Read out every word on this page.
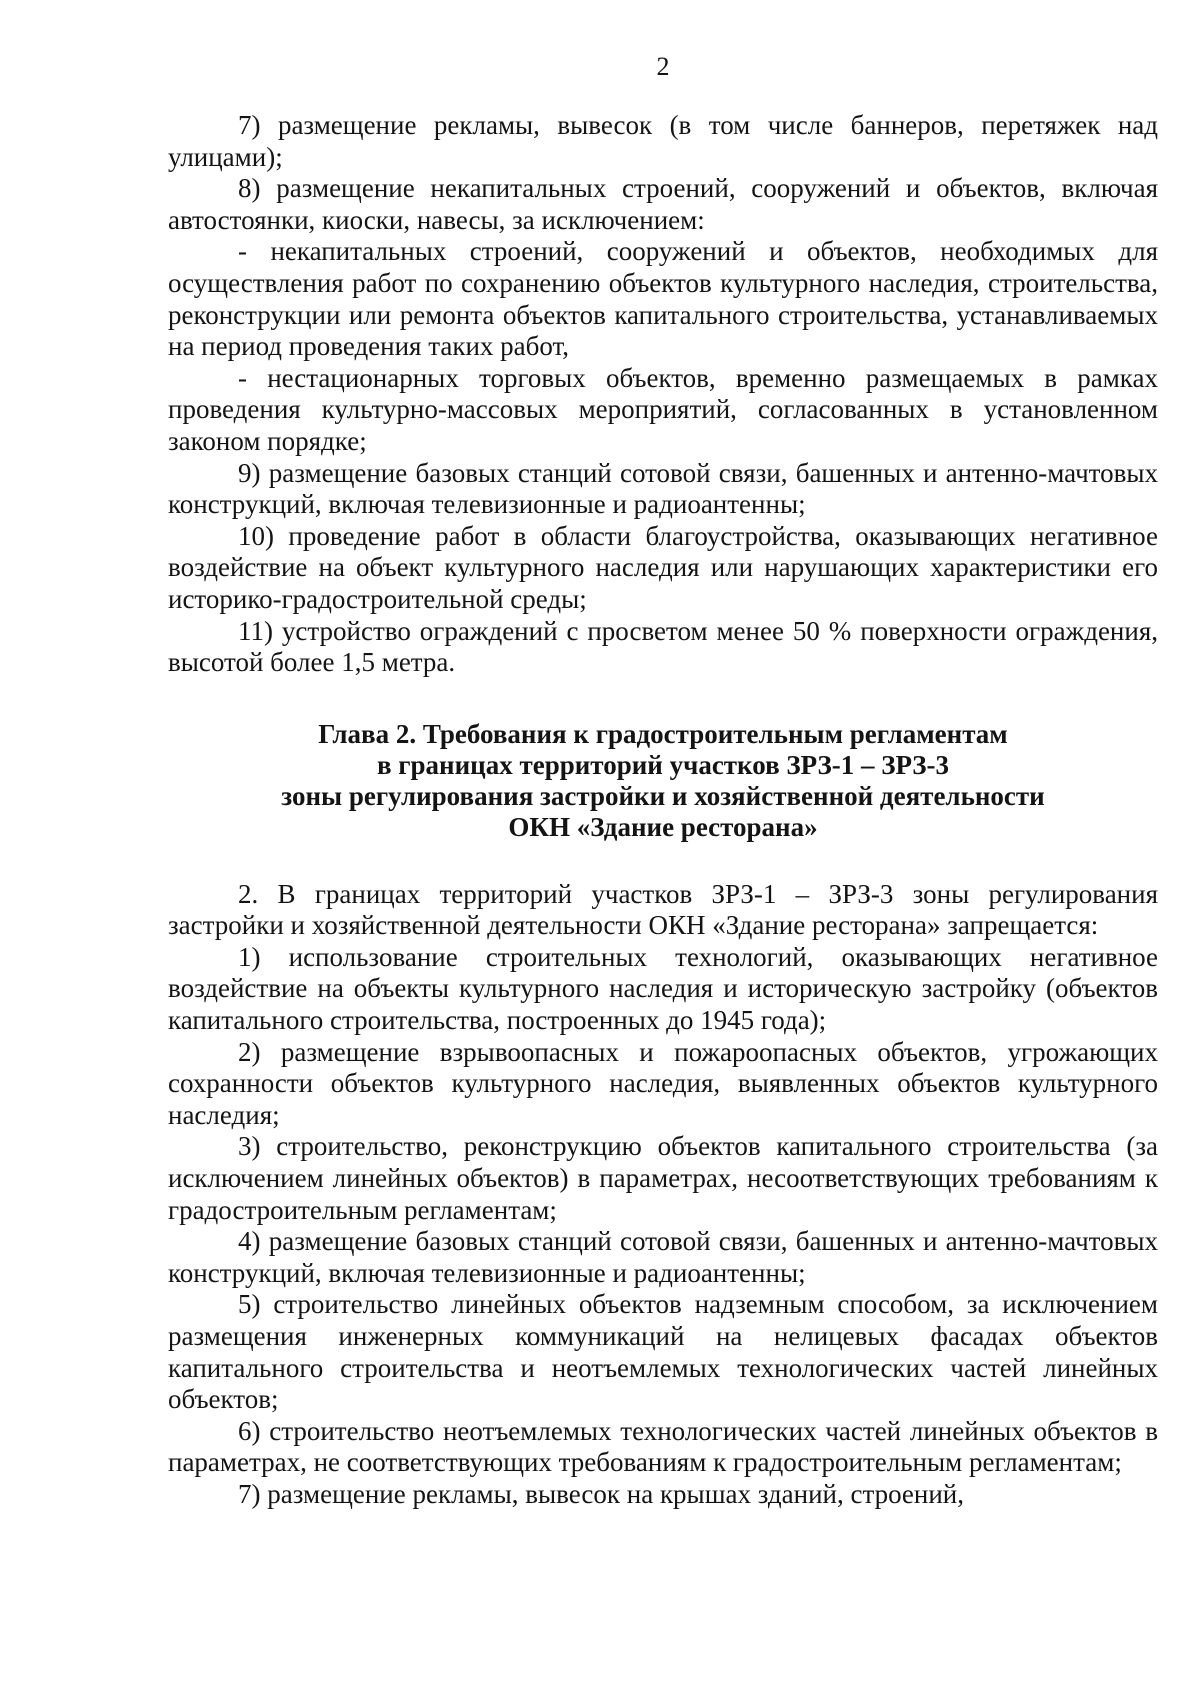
2

7) размещение рекламы, вывесок (в том числе баннеров, перетяжек над улицами);

8) размещение некапитальных строений, сооружений и объектов, включая автостоянки, киоски, навесы, за исключением:

- некапитальных строений, сооружений и объектов, необходимых для осуществления работ по сохранению объектов культурного наследия, строительства, реконструкции или ремонта объектов капитального строительства, устанавливаемых на период проведения таких работ,

- нестационарных торговых объектов, временно размещаемых в рамках проведения культурно-массовых мероприятий, согласованных в установленном законом порядке;

9) размещение базовых станций сотовой связи, башенных и антенно-мачтовых конструкций, включая телевизионные и радиоантенны;

10) проведение работ в области благоустройства, оказывающих негативное воздействие на объект культурного наследия или нарушающих характеристики его историко-градостроительной среды;

11) устройство ограждений с просветом менее 50 % поверхности ограждения, высотой более 1,5 метра.

Глава 2. Требования к градостроительным регламентам
в границах территорий участков ЗРЗ-1 – ЗРЗ-3
зоны регулирования застройки и хозяйственной деятельности
ОКН «Здание ресторана»

2. В границах территорий участков ЗРЗ-1 – ЗРЗ-3 зоны регулирования застройки и хозяйственной деятельности ОКН «Здание ресторана» запрещается:

1) использование строительных технологий, оказывающих негативное воздействие на объекты культурного наследия и историческую застройку (объектов капитального строительства, построенных до 1945 года);

2) размещение взрывоопасных и пожароопасных объектов, угрожающих сохранности объектов культурного наследия, выявленных объектов культурного наследия;

3) строительство, реконструкцию объектов капитального строительства (за исключением линейных объектов) в параметрах, несоответствующих требованиям к градостроительным регламентам;

4) размещение базовых станций сотовой связи, башенных и антенно-мачтовых конструкций, включая телевизионные и радиоантенны;

5) строительство линейных объектов надземным способом, за исключением размещения инженерных коммуникаций на нелицевых фасадах объектов капитального строительства и неотъемлемых технологических частей линейных объектов;

6) строительство неотъемлемых технологических частей линейных объектов в параметрах, не соответствующих требованиям к градостроительным регламентам;

7) размещение рекламы, вывесок на крышах зданий, строений,
